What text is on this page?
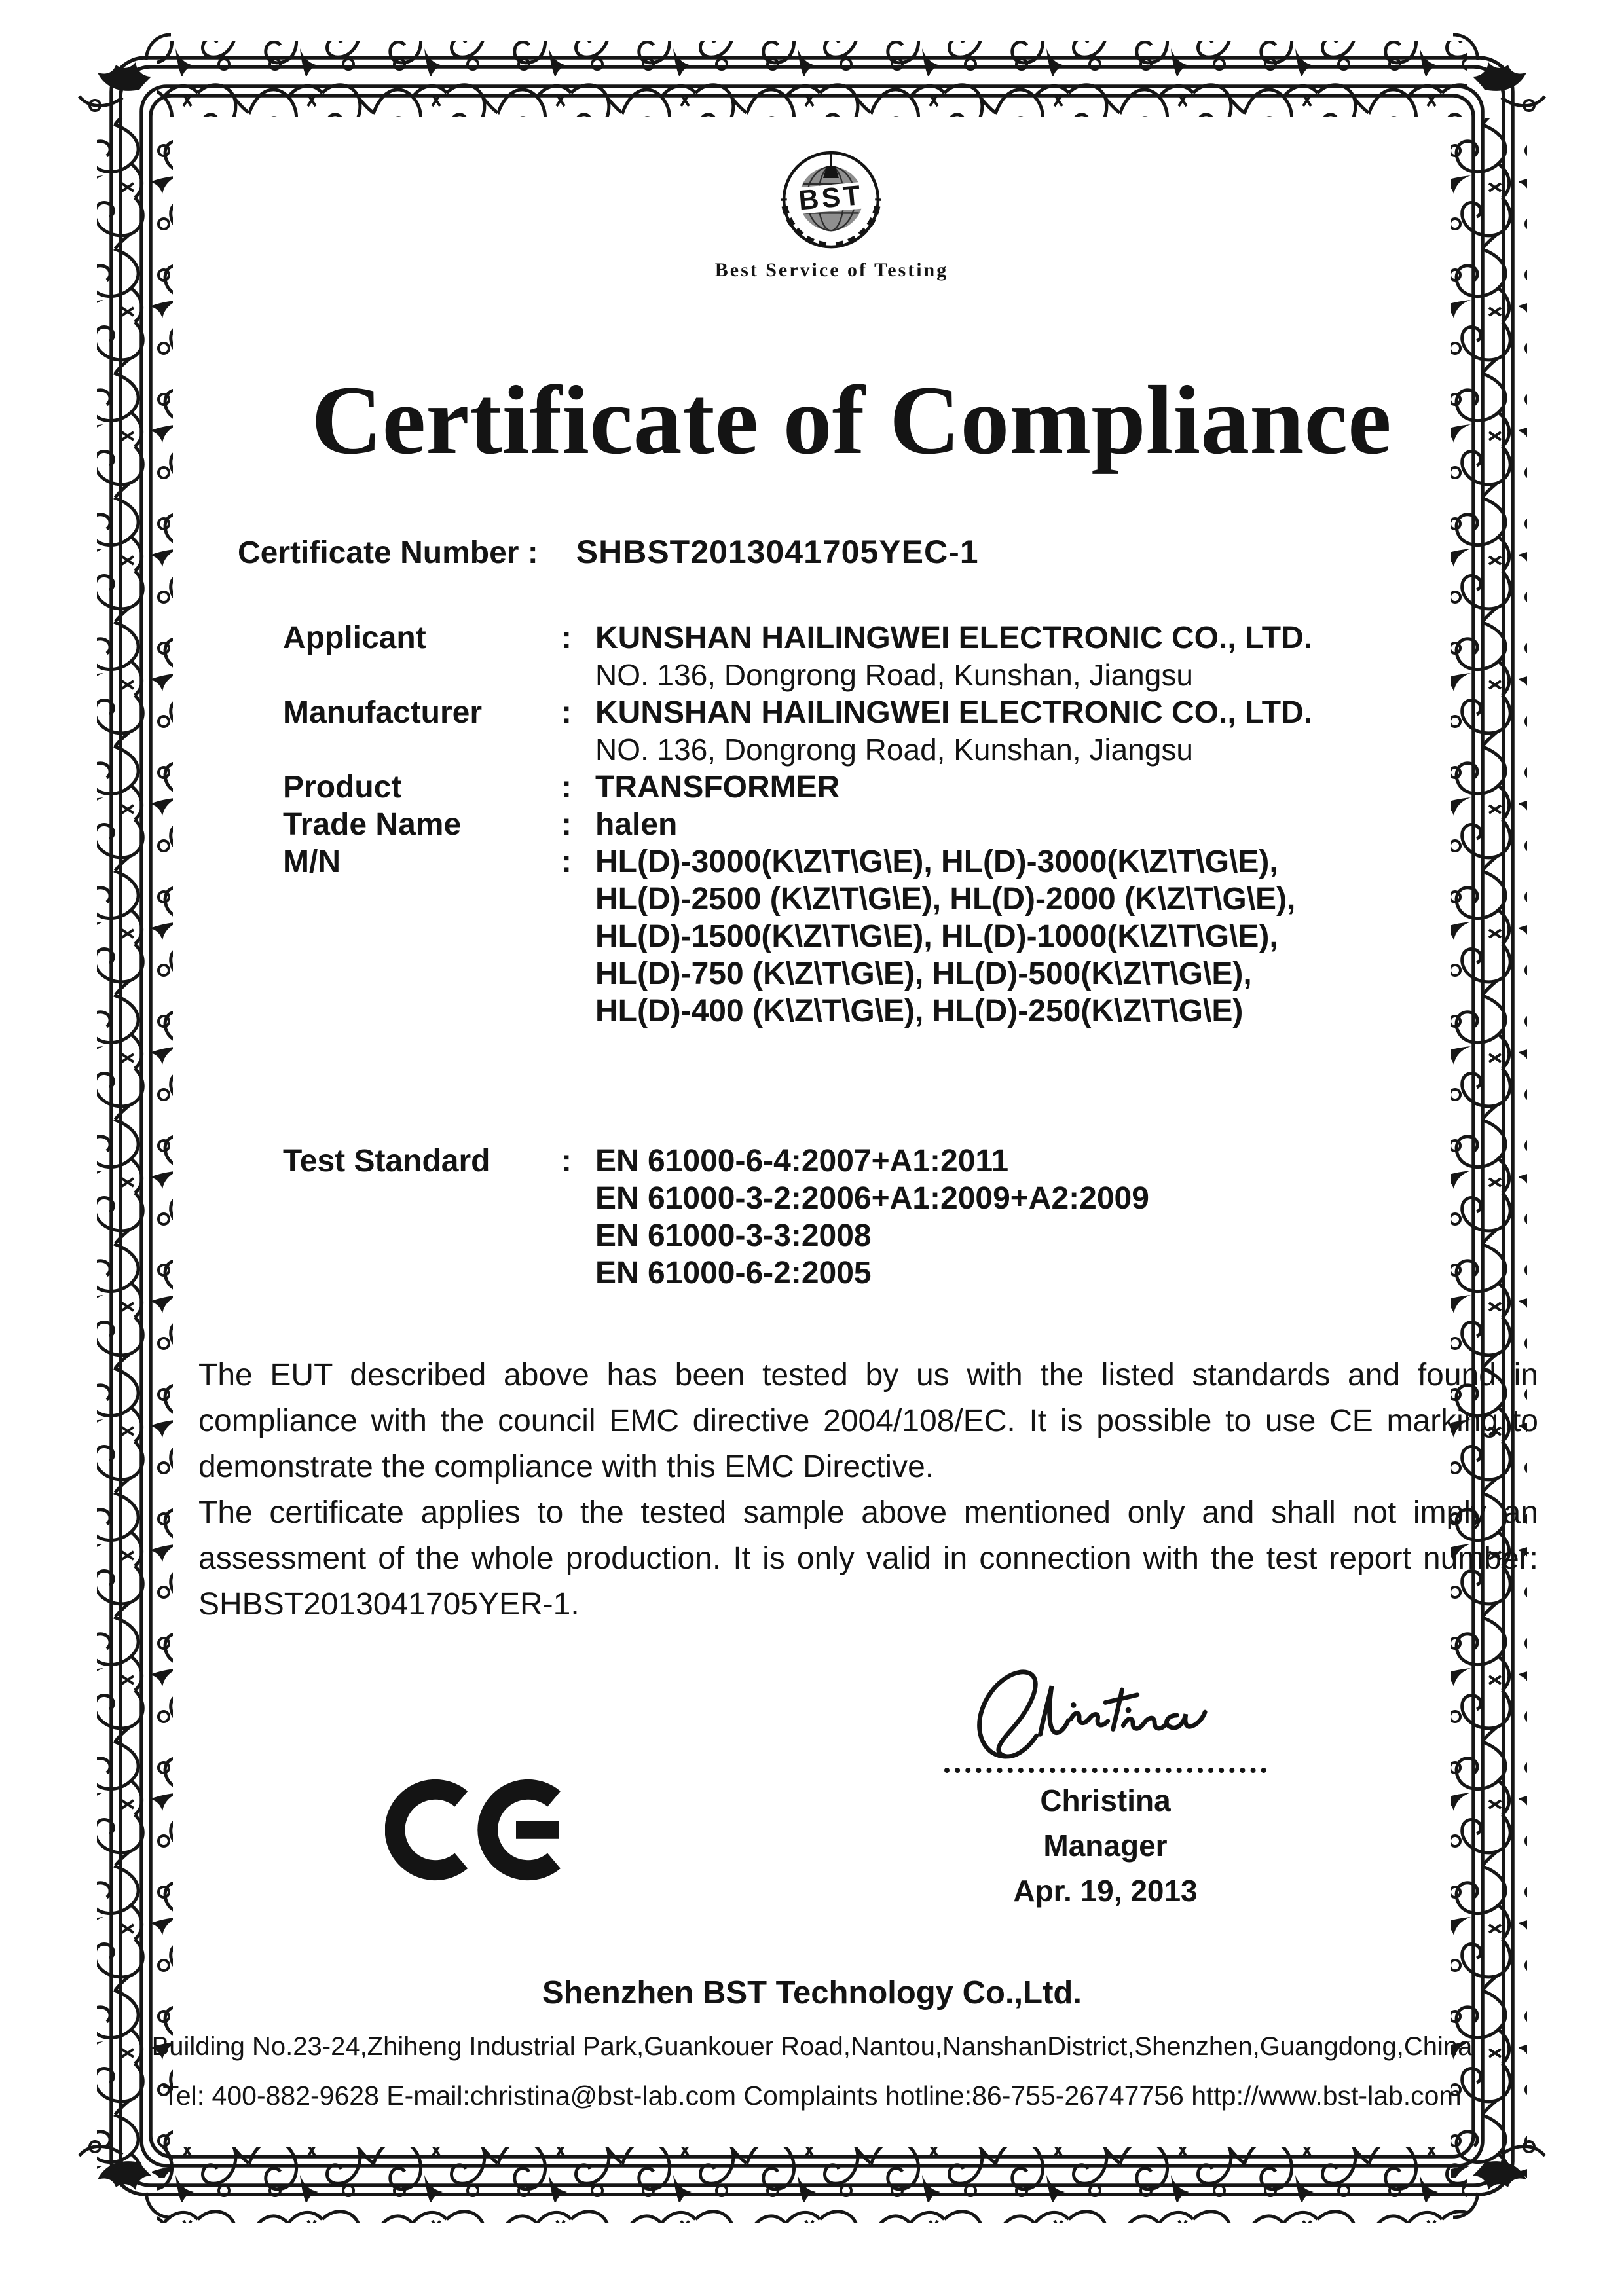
BST
Best Service of Testing
Certificate of Compliance
Certificate Number : SHBST2013041705YEC-1
Applicant	: KUNSHAN HAILINGWEI ELECTRONIC CO., LTD.
NO. 136, Dongrong Road, Kunshan, Jiangsu
Manufacturer	: KUNSHAN HAILINGWEI ELECTRONIC CO., LTD.
NO. 136, Dongrong Road, Kunshan, Jiangsu
Product	: TRANSFORMER
Trade Name	: halen
M/N	: HL(D)-3000(K\Z\T\G\E), HL(D)-3000(K\Z\T\G\E),
HL(D)-2500 (K\Z\T\G\E), HL(D)-2000 (K\Z\T\G\E),
HL(D)-1500(K\Z\T\G\E), HL(D)-1000(K\Z\T\G\E),
HL(D)-750 (K\Z\T\G\E), HL(D)-500(K\Z\T\G\E),
HL(D)-400 (K\Z\T\G\E), HL(D)-250(K\Z\T\G\E)
Test Standard	: EN 61000-6-4:2007+A1:2011
EN 61000-3-2:2006+A1:2009+A2:2009
EN 61000-3-3:2008
EN 61000-6-2:2005

The EUT described above has been tested by us with the listed standards and found in compliance with the council EMC directive 2004/108/EC. It is possible to use CE marking to demonstrate the compliance with this EMC Directive.

The certificate applies to the tested sample above mentioned only and shall not imply an assessment of the whole production. It is only valid in connection with the test report number: SHBST2013041705YER-1.

Christina
Manager
Apr. 19, 2013
Shenzhen BST Technology Co.,Ltd.
Building No.23-24,Zhiheng Industrial Park,Guankouer Road,Nantou,NanshanDistrict,Shenzhen,Guangdong,China
Tel: 400-882-9628 E-mail:christina@bst-lab.com Complaints hotline:86-755-26747756 http://www.bst-lab.com
